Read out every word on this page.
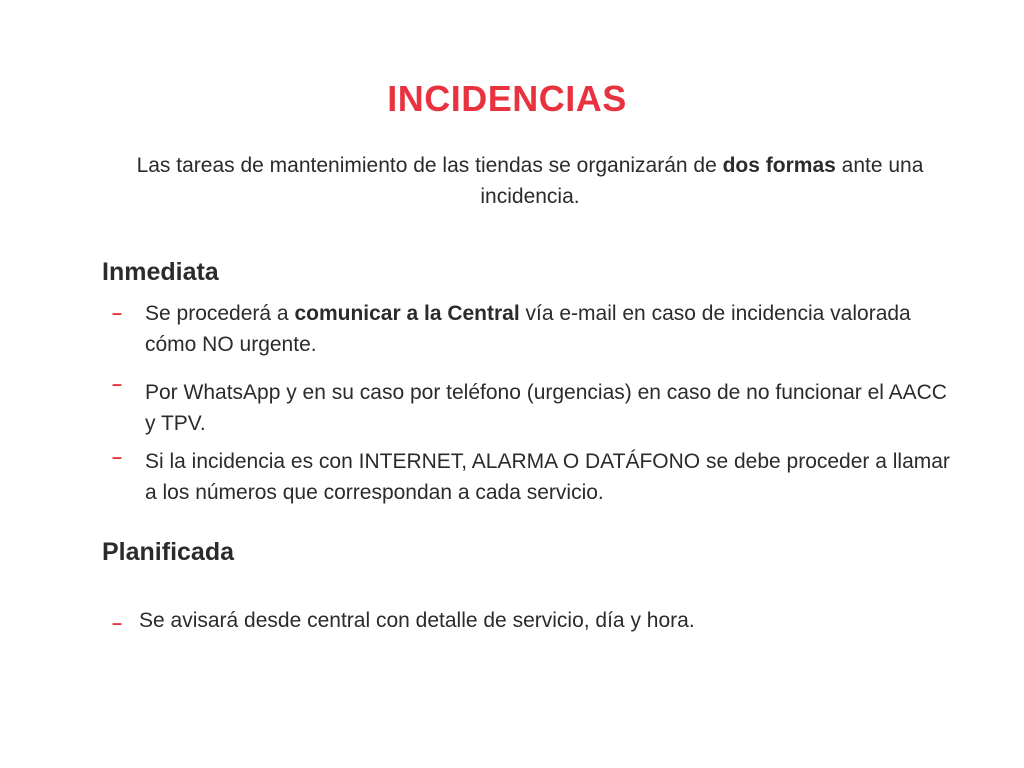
INCIDENCIAS

Las tareas de mantenimiento de las tiendas se organizarán de dos formas ante una incidencia.

Inmediata
– Se procederá a comunicar a la Central vía e-mail en caso de incidencia valorada cómo NO urgente.

– Por WhatsApp y en su caso por teléfono (urgencias) en caso de no funcionar el AACC y TPV.

– Si la incidencia es con INTERNET, ALARMA O DATÁFONO se debe proceder a llamar a los números que correspondan a cada servicio.

Planificada
– Se avisará desde central con detalle de servicio, día y hora.
